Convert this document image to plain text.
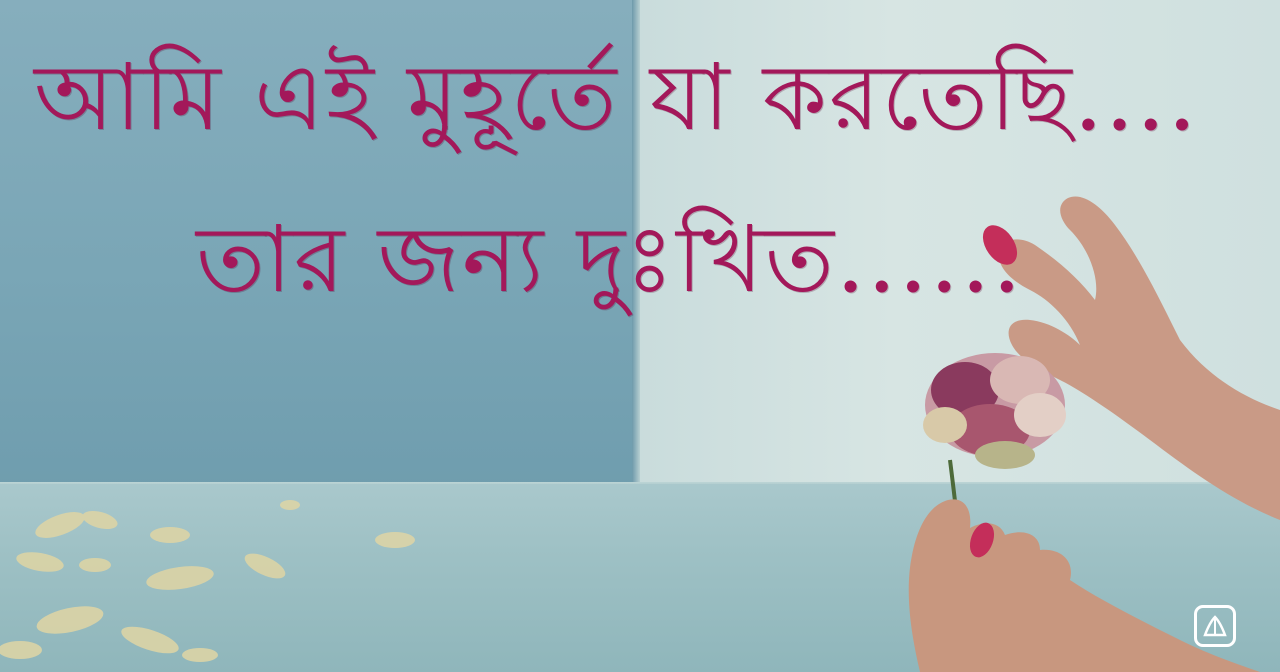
আমি এই মুহূর্তে যা করতেছি....
তার জন্য দুঃখিত......
